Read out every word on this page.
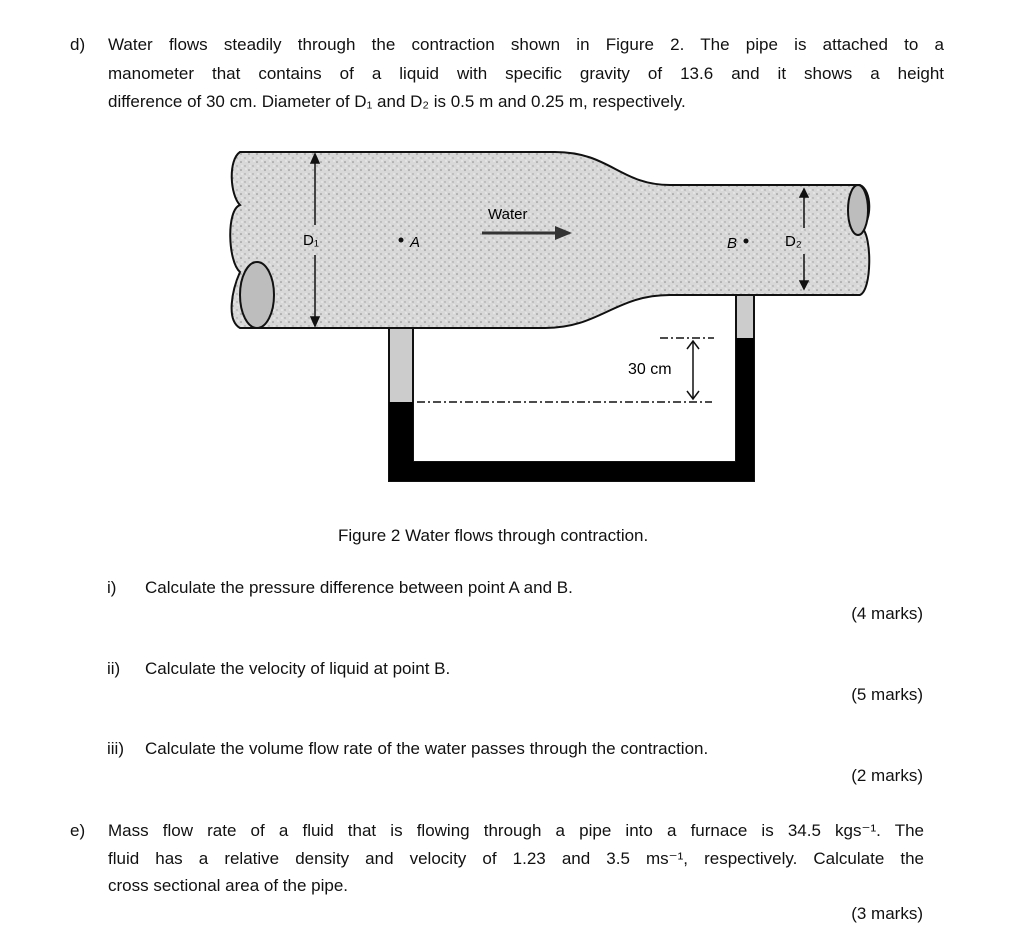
d) Water flows steadily through the contraction shown in Figure 2. The pipe is attached to a
manometer that contains of a liquid with specific gravity of 13.6 and it shows a height
difference of 30 cm. Diameter of D₁ and D₂ is 0.5 m and 0.25 m, respectively.
30 cm
D₁	D₂
A	B
Water
Figure 2 Water flows through contraction.
i) Calculate the pressure difference between point A and B.
(4 marks)
ii) Calculate the velocity of liquid at point B.
(5 marks)
iii) Calculate the volume flow rate of the water passes through the contraction.
(2 marks)
e) Mass flow rate of a fluid that is flowing through a pipe into a furnace is 34.5 kgs⁻¹. The
fluid has a relative density and velocity of 1.23 and 3.5 ms⁻¹, respectively. Calculate the
cross sectional area of the pipe.
(3 marks)
